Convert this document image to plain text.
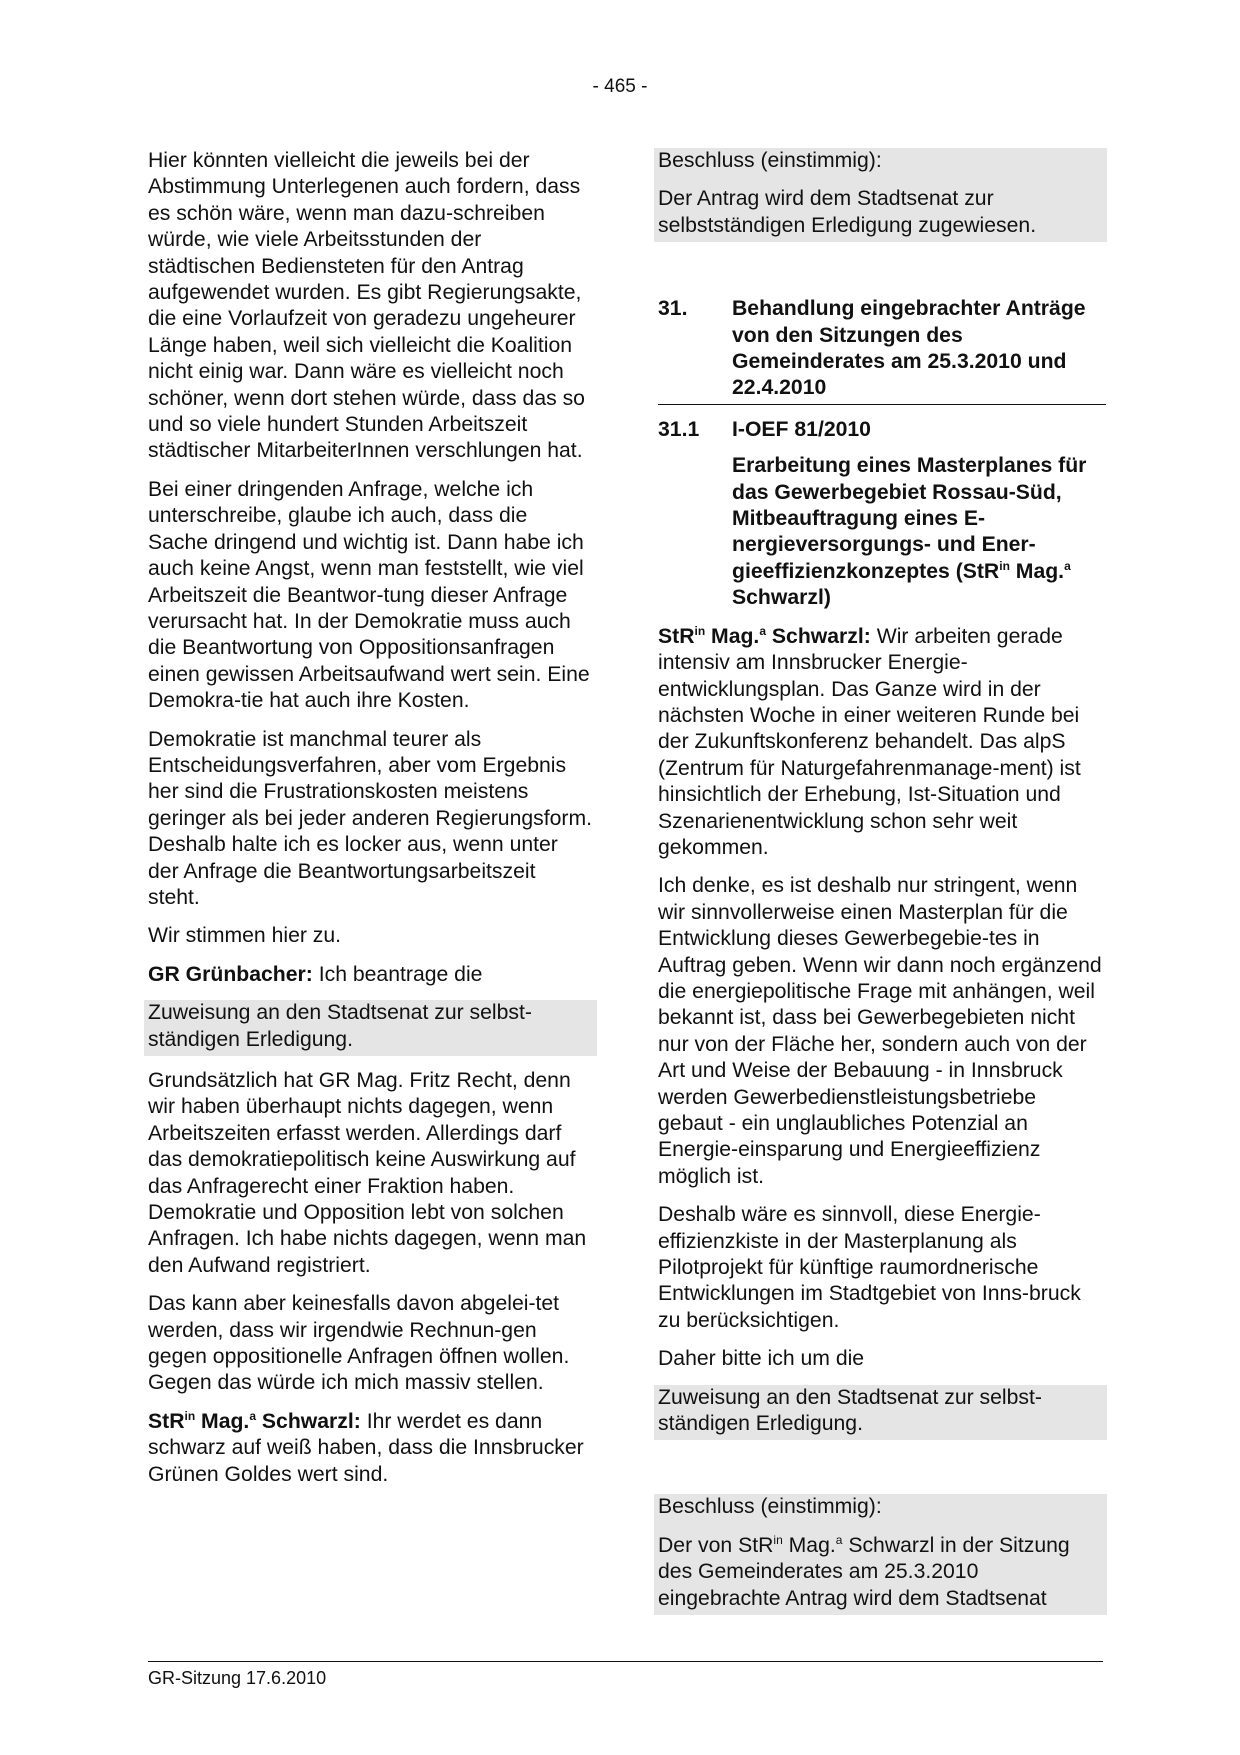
- 465 -

Hier könnten vielleicht die jeweils bei der Abstimmung Unterlegenen auch fordern, dass es schön wäre, wenn man dazu-schreiben würde, wie viele Arbeitsstunden der städtischen Bediensteten für den Antrag aufgewendet wurden. Es gibt Regierungsakte, die eine Vorlaufzeit von geradezu ungeheurer Länge haben, weil sich vielleicht die Koalition nicht einig war. Dann wäre es vielleicht noch schöner, wenn dort stehen würde, dass das so und so viele hundert Stunden Arbeitszeit städtischer MitarbeiterInnen verschlungen hat.

Bei einer dringenden Anfrage, welche ich unterschreibe, glaube ich auch, dass die Sache dringend und wichtig ist. Dann habe ich auch keine Angst, wenn man feststellt, wie viel Arbeitszeit die Beantwor-tung dieser Anfrage verursacht hat. In der Demokratie muss auch die Beantwortung von Oppositionsanfragen einen gewissen Arbeitsaufwand wert sein. Eine Demokra-tie hat auch ihre Kosten.

Demokratie ist manchmal teurer als Entscheidungsverfahren, aber vom Ergebnis her sind die Frustrationskosten meistens geringer als bei jeder anderen Regierungsform. Deshalb halte ich es locker aus, wenn unter der Anfrage die Beantwortungsarbeitszeit steht.

Wir stimmen hier zu.

GR Grünbacher: Ich beantrage die

Zuweisung an den Stadtsenat zur selbst-ständigen Erledigung.

Grundsätzlich hat GR Mag. Fritz Recht, denn wir haben überhaupt nichts dagegen, wenn Arbeitszeiten erfasst werden. Allerdings darf das demokratiepolitisch keine Auswirkung auf das Anfragerecht einer Fraktion haben. Demokratie und Opposition lebt von solchen Anfragen. Ich habe nichts dagegen, wenn man den Aufwand registriert.

Das kann aber keinesfalls davon abgelei-tet werden, dass wir irgendwie Rechnun-gen gegen oppositionelle Anfragen öffnen wollen. Gegen das würde ich mich massiv stellen.

StR$^{in}$ Mag.$^a$ Schwarzl: Ihr werdet es dann schwarz auf weiß haben, dass die Innsbrucker Grünen Goldes wert sind.

Beschluss (einstimmig):

Der Antrag wird dem Stadtsenat zur selbstständigen Erledigung zugewiesen.

31.	Behandlung eingebrachter Anträge von den Sitzungen des Gemeinderates am 25.3.2010 und 22.4.2010
31.1	I-OEF 81/2010
Erarbeitung eines Masterplanes für das Gewerbegebiet Rossau-Süd, Mitbeauftragung eines E-nergieversorgungs- und Ener-gieeffizienzkonzeptes (StR$^{in}$ Mag.$^a$ Schwarzl)

StR$^{in}$ Mag.$^a$ Schwarzl: Wir arbeiten gerade intensiv am Innsbrucker Energie-entwicklungsplan. Das Ganze wird in der nächsten Woche in einer weiteren Runde bei der Zukunftskonferenz behandelt. Das alpS (Zentrum für Naturgefahrenmanage-ment) ist hinsichtlich der Erhebung, Ist-Situation und Szenarienentwicklung schon sehr weit gekommen.

Ich denke, es ist deshalb nur stringent, wenn wir sinnvollerweise einen Masterplan für die Entwicklung dieses Gewerbegebie-tes in Auftrag geben. Wenn wir dann noch ergänzend die energiepolitische Frage mit anhängen, weil bekannt ist, dass bei Gewerbegebieten nicht nur von der Fläche her, sondern auch von der Art und Weise der Bebauung - in Innsbruck werden Gewerbedienstleistungsbetriebe gebaut - ein unglaubliches Potenzial an Energie-einsparung und Energieeffizienz möglich ist.

Deshalb wäre es sinnvoll, diese Energie-effizienzkiste in der Masterplanung als Pilotprojekt für künftige raumordnerische Entwicklungen im Stadtgebiet von Inns-bruck zu berücksichtigen.

Daher bitte ich um die

Zuweisung an den Stadtsenat zur selbst-ständigen Erledigung.

Beschluss (einstimmig):

Der von StR$^{in}$ Mag.$^a$ Schwarzl in der Sitzung des Gemeinderates am 25.3.2010 eingebrachte Antrag wird dem Stadtsenat

GR-Sitzung 17.6.2010
